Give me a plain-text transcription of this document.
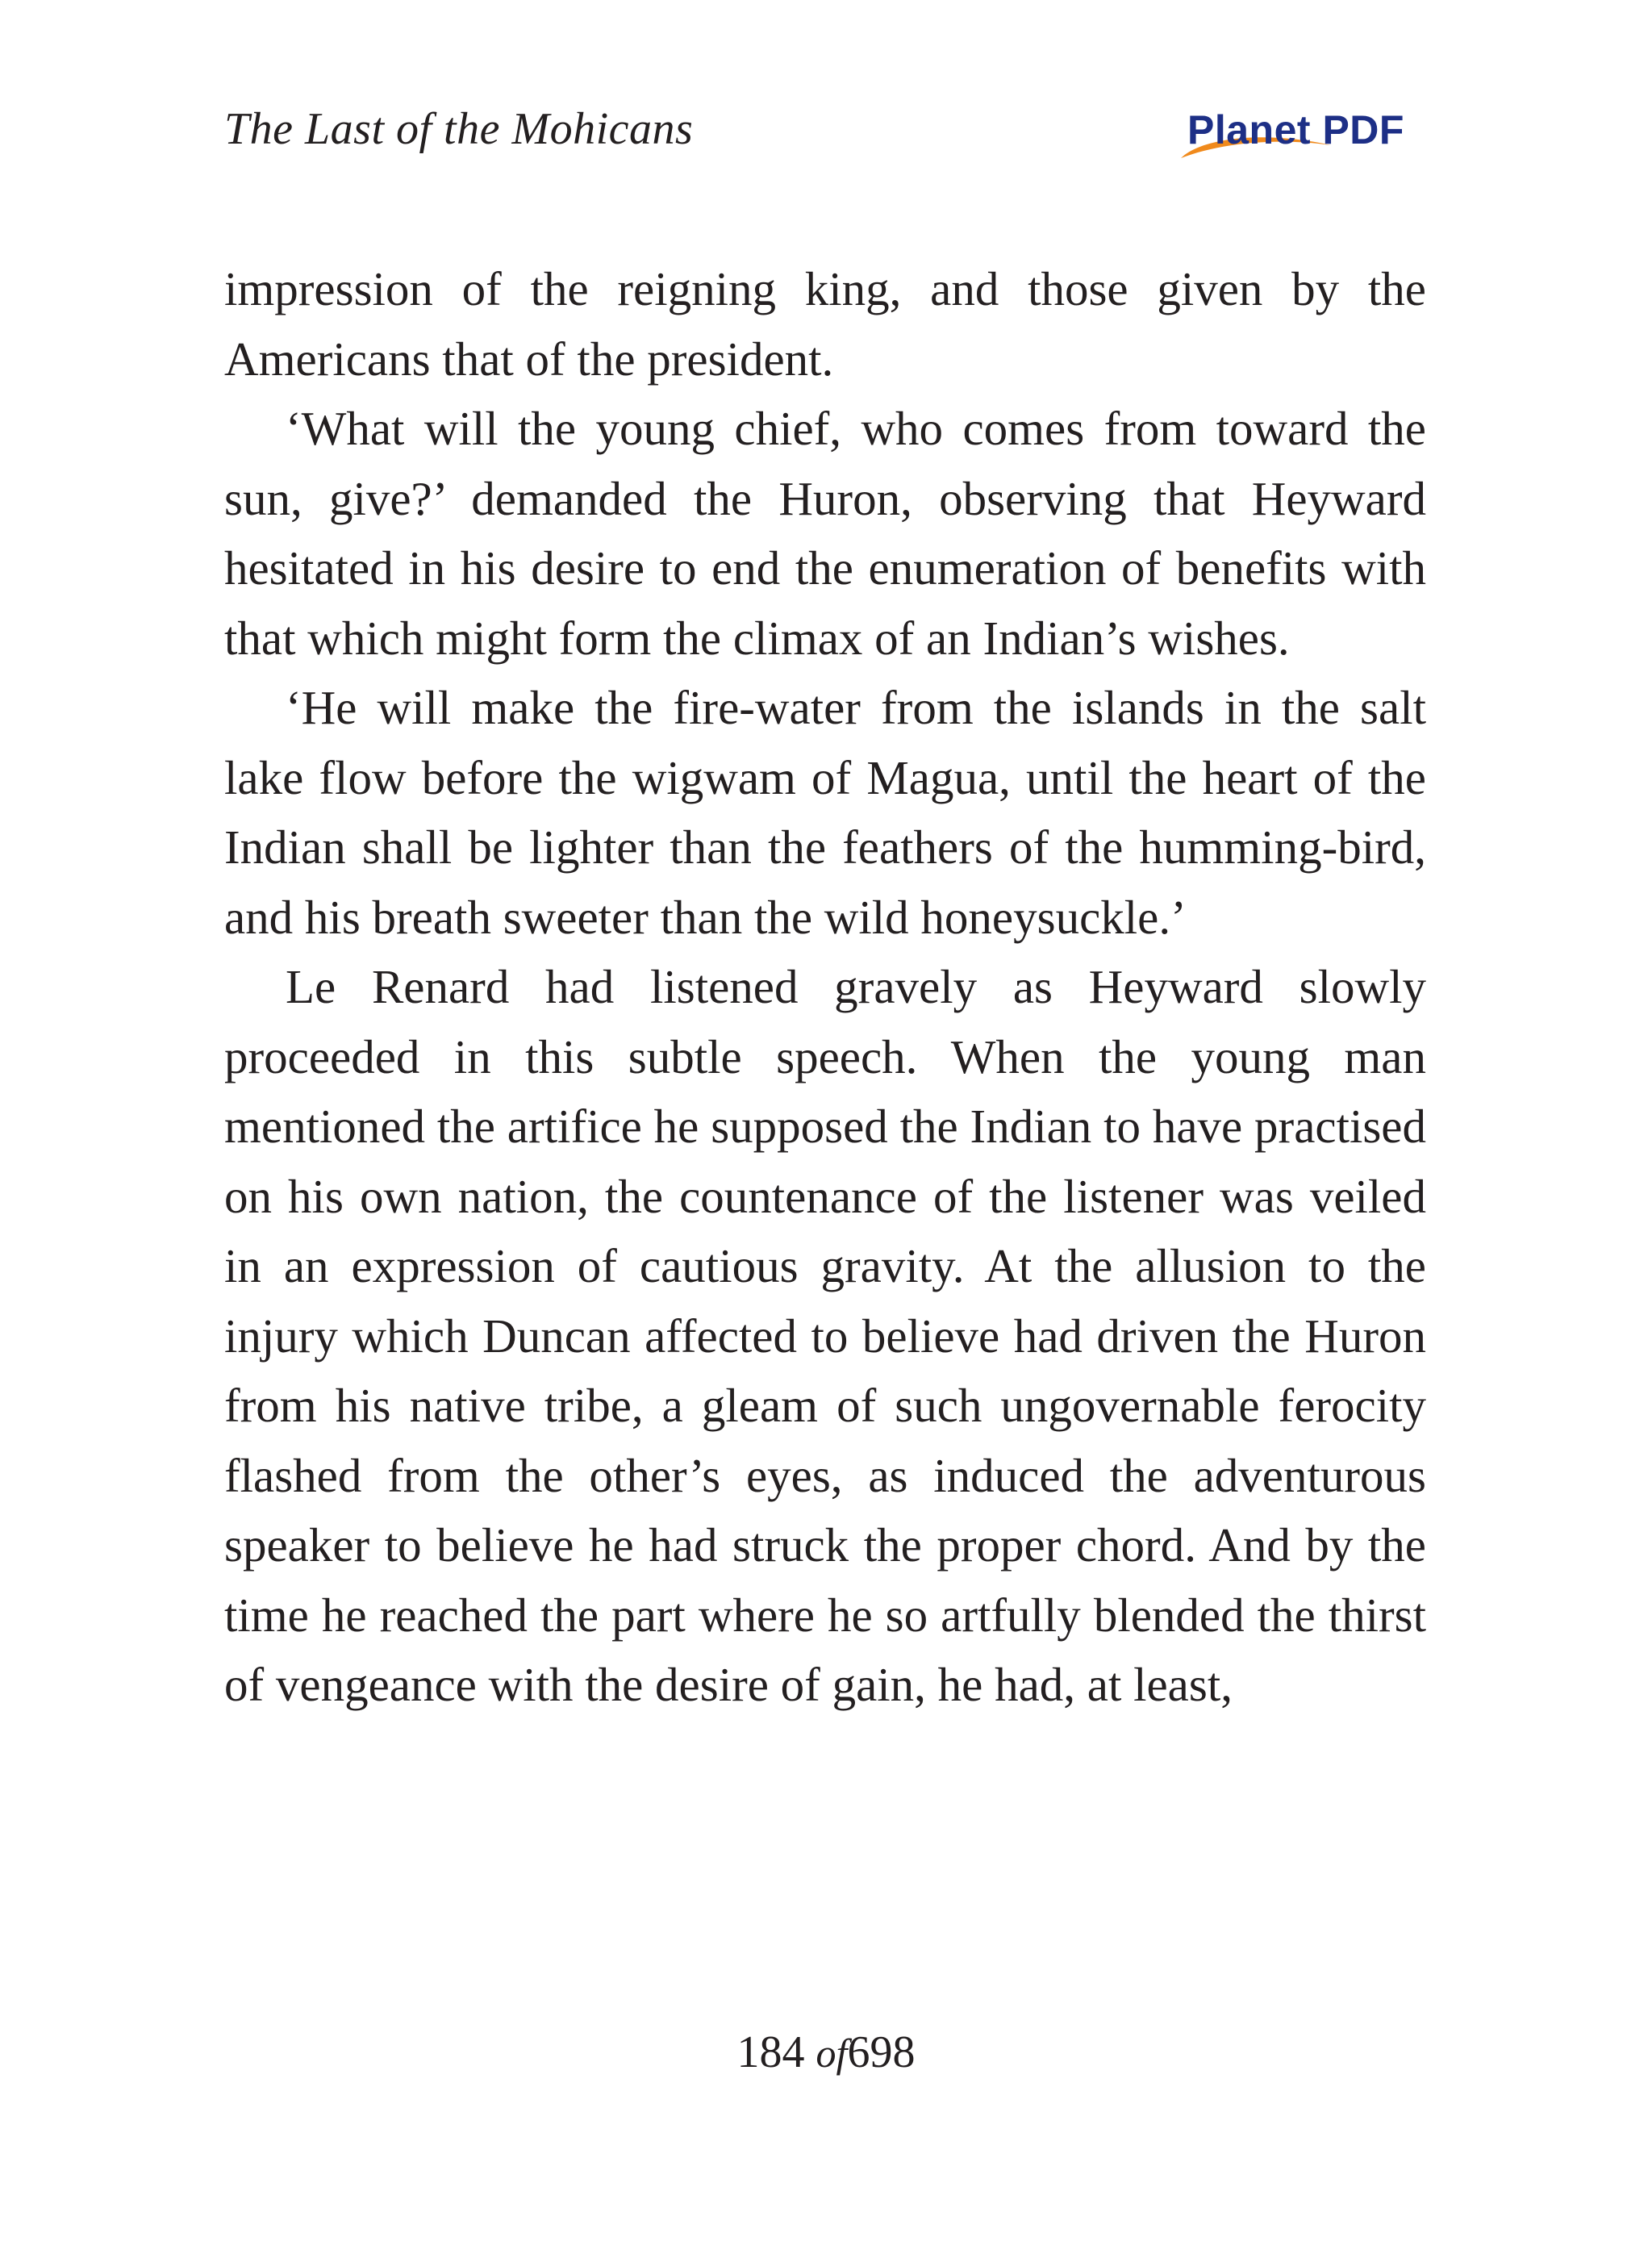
The Last of the Mohicans	Planet PDF

impression of the reigning king, and those given by the Americans that of the president.

‘What will the young chief, who comes from toward the sun, give?’ demanded the Huron, observing that Heyward hesitated in his desire to end the enumeration of benefits with that which might form the climax of an Indian’s wishes.

‘He will make the fire-water from the islands in the salt lake flow before the wigwam of Magua, until the heart of the Indian shall be lighter than the feathers of the humming-bird, and his breath sweeter than the wild honeysuckle.’

Le Renard had listened gravely as Heyward slowly proceeded in this subtle speech. When the young man mentioned the artifice he supposed the Indian to have practised on his own nation, the countenance of the listener was veiled in an expression of cautious gravity. At the allusion to the injury which Duncan affected to believe had driven the Huron from his native tribe, a gleam of such ungovernable ferocity flashed from the other’s eyes, as induced the adventurous speaker to believe he had struck the proper chord. And by the time he reached the part where he so artfully blended the thirst of vengeance with the desire of gain, he had, at least,

184 of698
